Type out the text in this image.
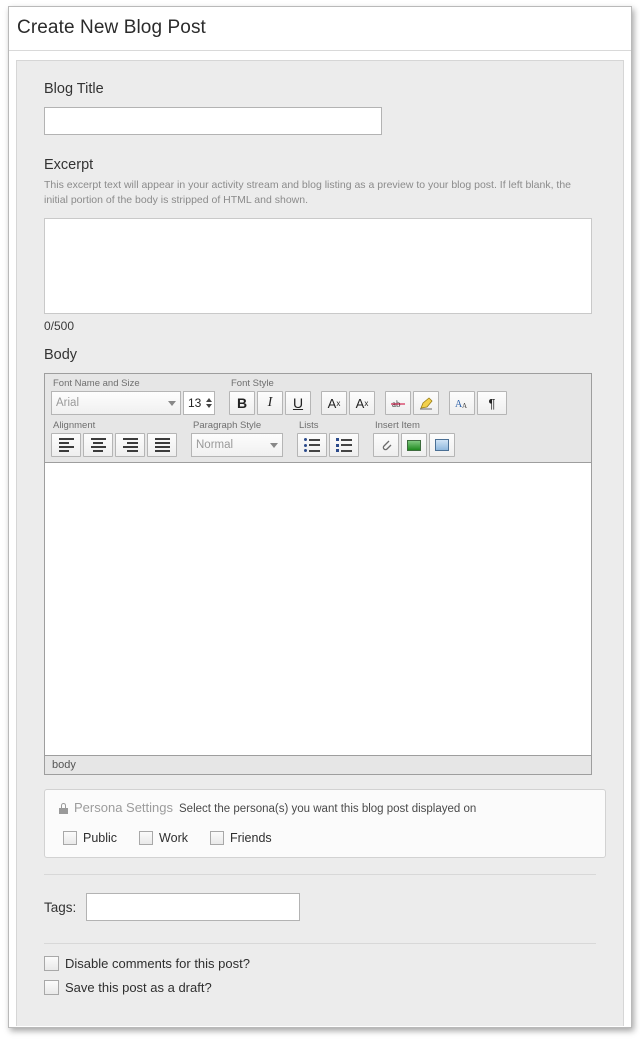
Create New Blog Post
Blog Title
Excerpt

This excerpt text will appear in your activity stream and blog listing as a preview to your blog post. If left blank, the initial portion of the body is stripped of HTML and shown.

0/500
Body
Font Name and Size
Arial	13
Font Style
B	I	U	A x	A x	ab	A A	¶
Alignment	Paragraph Style
Normal
Lists	Insert Item
body
Persona Settings Select the persona(s) you want this blog post displayed on
Public	Work	Friends
Tags:
Disable comments for this post?
Save this post as a draft?
